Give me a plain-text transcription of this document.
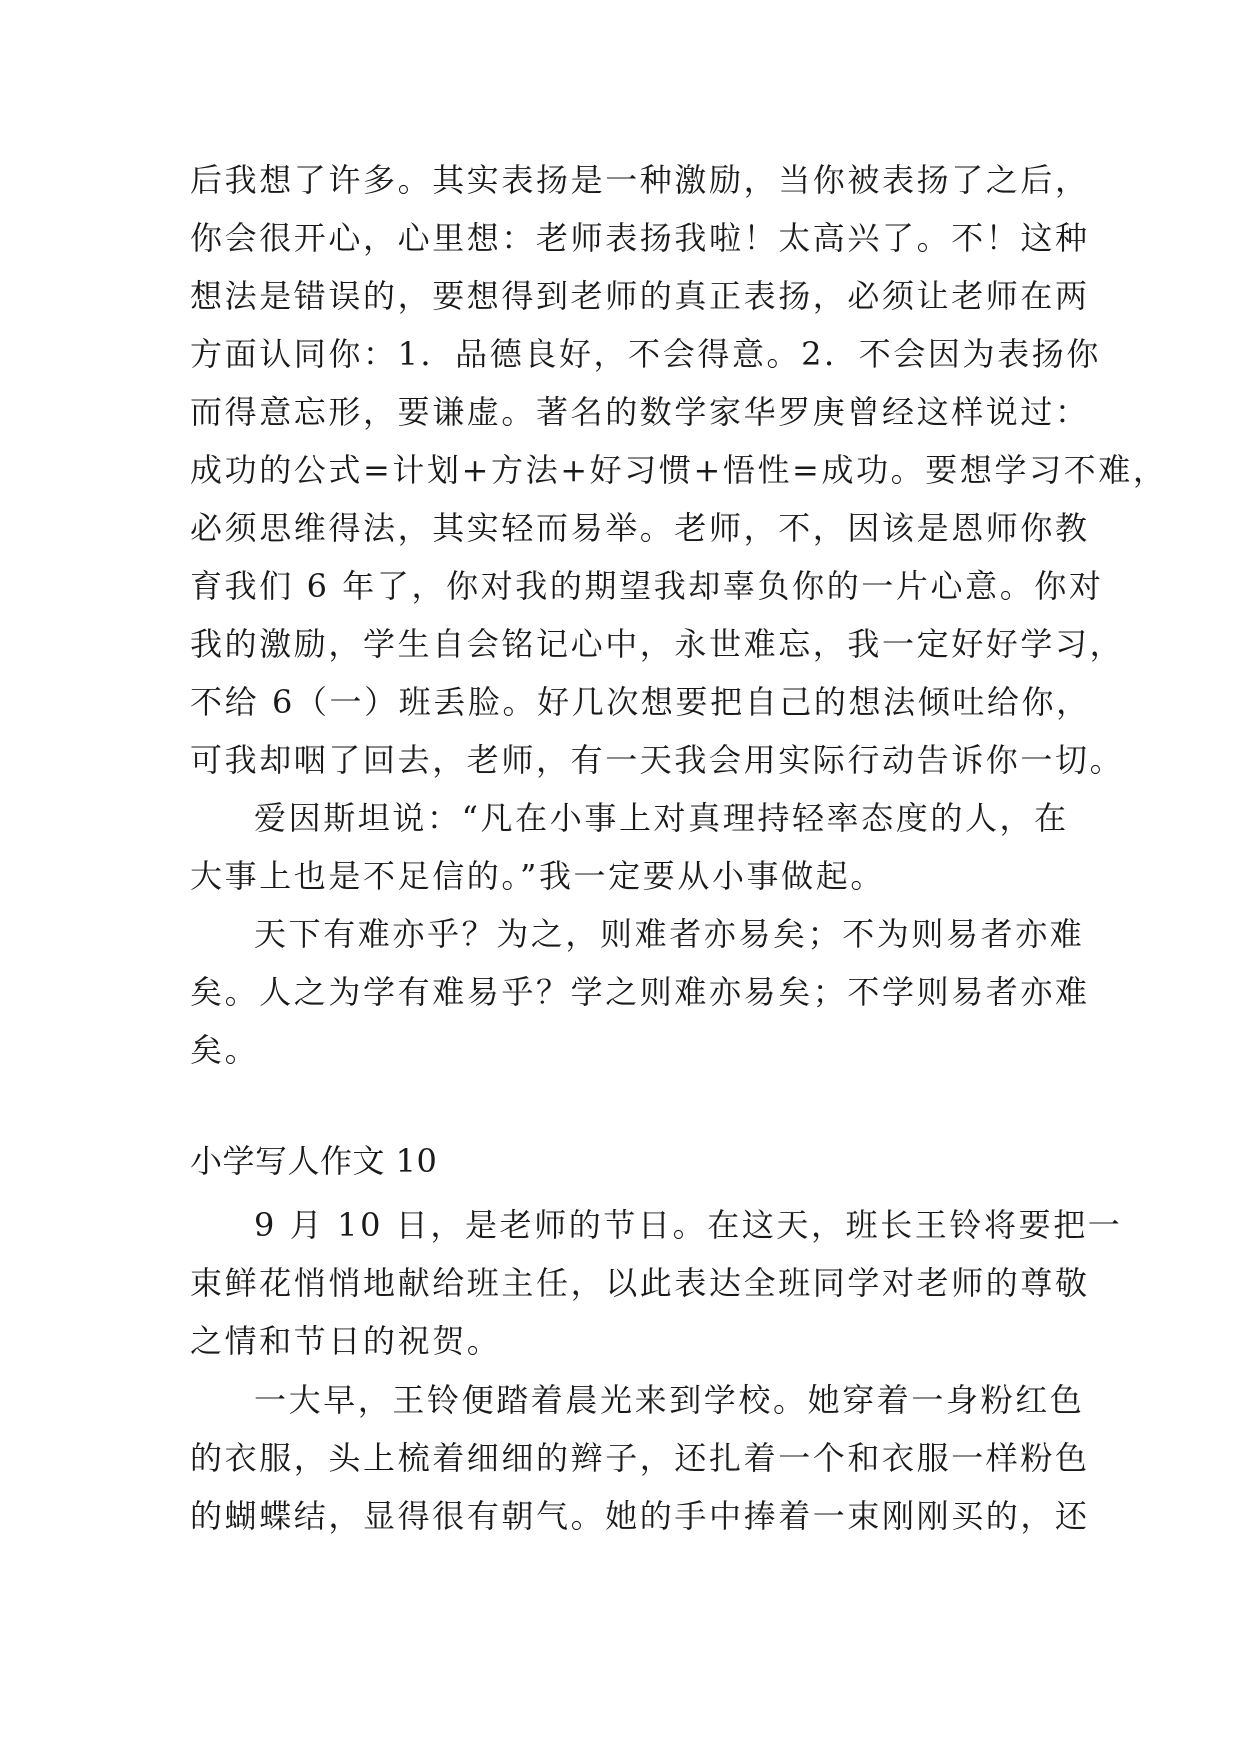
后我想了许多。其实表扬是一种激励，当你被表扬了之后，
你会很开心，心里想：老师表扬我啦！太高兴了。不！这种
想法是错误的，要想得到老师的真正表扬，必须让老师在两
方面认同你：1．品德良好，不会得意。2．不会因为表扬你
而得意忘形，要谦虚。著名的数学家华罗庚曾经这样说过：
成功的公式=计划+方法+好习惯+悟性=成功。要想学习不难，
必须思维得法，其实轻而易举。老师，不，因该是恩师你教
育我们 6 年了，你对我的期望我却辜负你的一片心意。你对
我的激励，学生自会铭记心中，永世难忘，我一定好好学习，
不给 6（一）班丢脸。好几次想要把自己的想法倾吐给你，
可我却咽了回去，老师，有一天我会用实际行动告诉你一切。
爱因斯坦说：“凡在小事上对真理持轻率态度的人，在
大事上也是不足信的。”我一定要从小事做起。
天下有难亦乎？为之，则难者亦易矣；不为则易者亦难
矣。人之为学有难易乎？学之则难亦易矣；不学则易者亦难
矣。
小学写人作文 10
9 月 10 日，是老师的节日。在这天，班长王铃将要把一
束鲜花悄悄地献给班主任，以此表达全班同学对老师的尊敬
之情和节日的祝贺。
一大早，王铃便踏着晨光来到学校。她穿着一身粉红色
的衣服，头上梳着细细的辫子，还扎着一个和衣服一样粉色
的蝴蝶结，显得很有朝气。她的手中捧着一束刚刚买的，还
